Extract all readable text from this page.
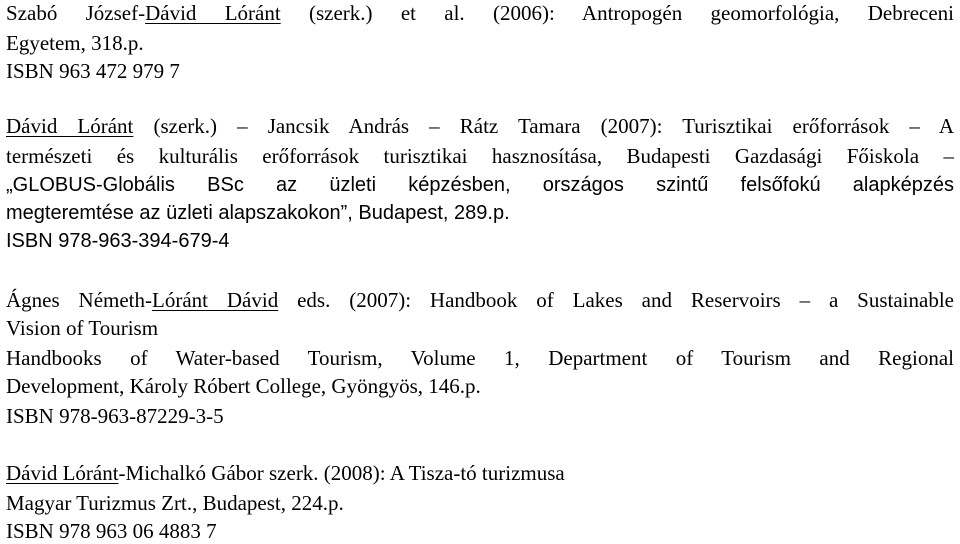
Szabó József-Dávid Lóránt (szerk.) et al. (2006): Antropogén geomorfológia, Debreceni
Egyetem, 318.p.
ISBN 963 472 979 7
Dávid Lóránt (szerk.) – Jancsik András – Rátz Tamara (2007): Turisztikai erőforrások – A
természeti és kulturális erőforrások turisztikai hasznosítása, Budapesti Gazdasági Főiskola –
„GLOBUS-Globális BSc az üzleti képzésben, országos szintű felsőfokú alapképzés
megteremtése az üzleti alapszakokon”, Budapest, 289.p.
ISBN 978-963-394-679-4
Ágnes Németh-Lóránt Dávid eds. (2007): Handbook of Lakes and Reservoirs – a Sustainable
Vision of Tourism
Handbooks of Water-based Tourism, Volume 1, Department of Tourism and Regional
Development, Károly Róbert College, Gyöngyös, 146.p.
ISBN 978-963-87229-3-5
Dávid Lóránt-Michalkó Gábor szerk. (2008): A Tisza-tó turizmusa
Magyar Turizmus Zrt., Budapest, 224.p.
ISBN 978 963 06 4883 7
